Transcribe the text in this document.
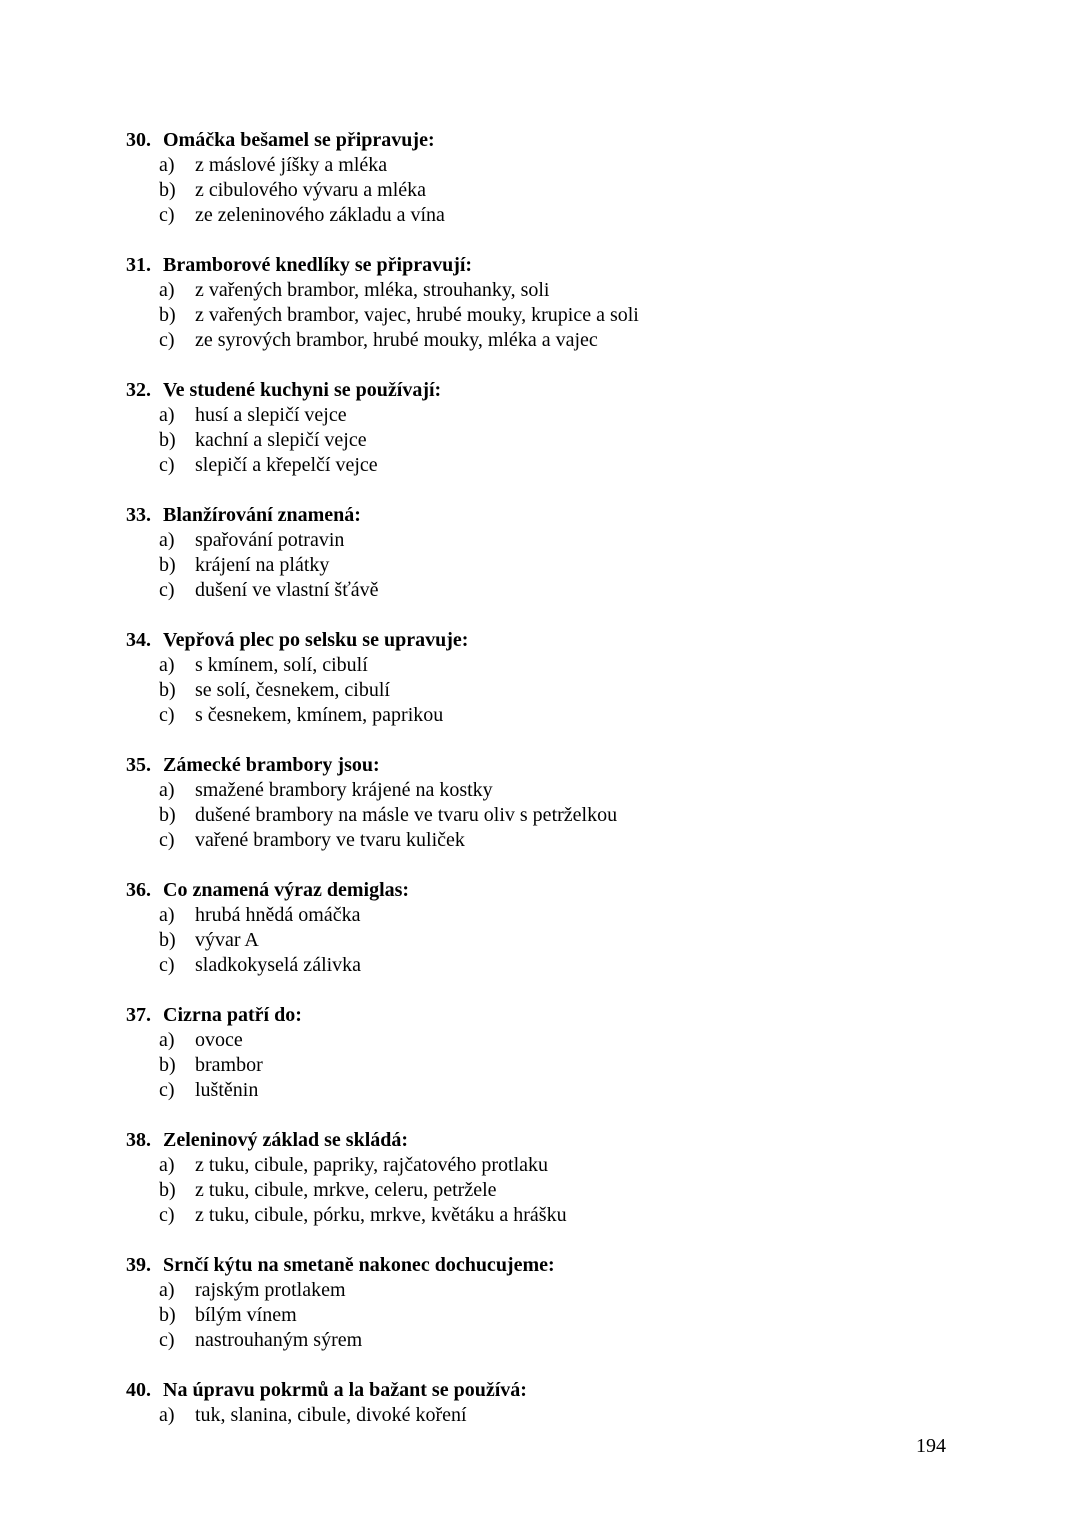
30. Omáčka bešamel se připravuje:
a)	z máslové jíšky a mléka
b) z cibulového vývaru a mléka
c)	ze zeleninového základu a vína
31. Bramborové knedlíky se připravují:
a)	z vařených brambor, mléka, strouhanky, soli
b) z vařených brambor, vajec, hrubé mouky, krupice a soli
c)	ze syrových brambor, hrubé mouky, mléka a vajec
32. Ve studené kuchyni se používají:
a)	husí a slepičí vejce
b) kachní a slepičí vejce
c)	slepičí a křepelčí vejce
33. Blanžírování znamená:
a)	spařování potravin
b) krájení na plátky
c)	dušení ve vlastní šťávě
34. Vepřová plec po selsku se upravuje:
a)	s kmínem, solí, cibulí
b) se solí, česnekem, cibulí
c)	s česnekem, kmínem, paprikou
35. Zámecké brambory jsou:
a)	smažené brambory krájené na kostky
b) dušené brambory na másle ve tvaru oliv s petrželkou
c)	vařené brambory ve tvaru kuliček
36. Co znamená výraz demiglas:
a)	hrubá hnědá omáčka
b) vývar A
c)	sladkokyselá zálivka
37. Cizrna patří do:
a)	ovoce
b) brambor
c)	luštěnin
38. Zeleninový základ se skládá:
a)	z tuku, cibule, papriky, rajčatového protlaku
b) z tuku, cibule, mrkve, celeru, petržele
c)	z tuku, cibule, pórku, mrkve, květáku a hrášku
39. Srnčí kýtu na smetaně nakonec dochucujeme:
a)	rajským protlakem
b) bílým vínem
c)	nastrouhaným sýrem
40. Na úpravu pokrmů a la bažant se používá:
a)	tuk, slanina, cibule, divoké koření
194
